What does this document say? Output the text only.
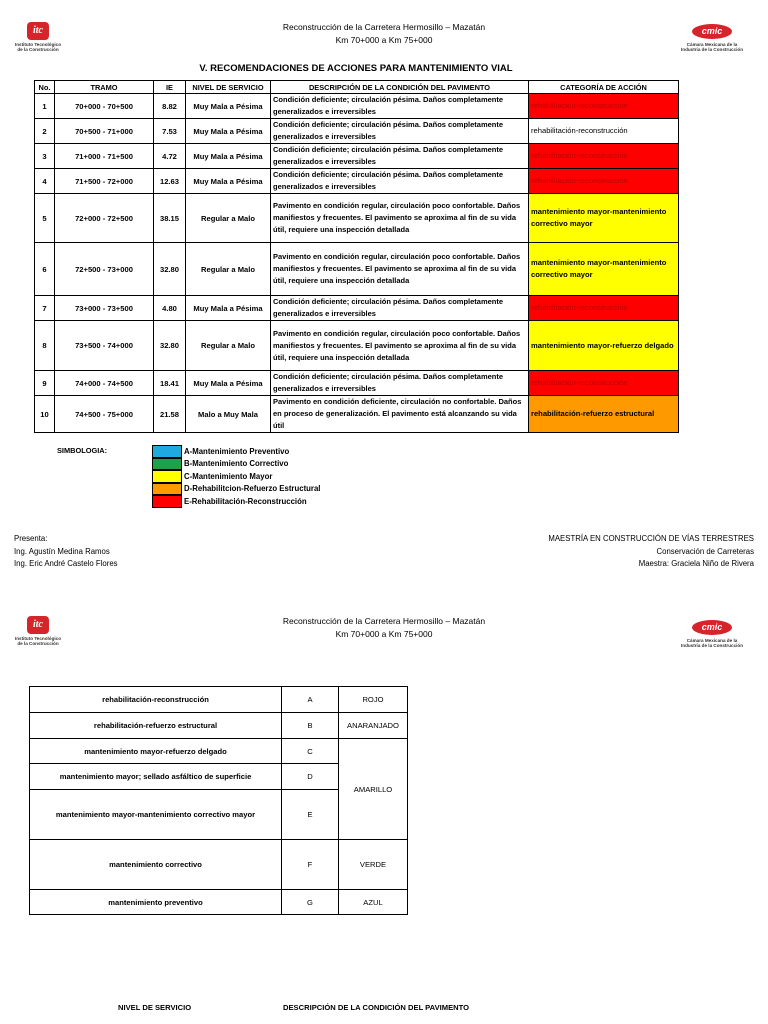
itc
Instituto Tecnológico
de la Construcción
Reconstrucción de la Carretera Hermosillo – Mazatán
Km 70+000 a Km 75+000
cmic
Cámara Mexicana de la
Industria de la Construcción
V. RECOMENDACIONES DE ACCIONES PARA MANTENIMIENTO VIAL
No.	TRAMO	IE	NIVEL DE SERVICIO	DESCRIPCIÓN DE LA CONDICIÓN DEL PAVIMENTO	CATEGORÍA DE ACCIÓN
1	70+000 - 70+500	8.82	Muy Mala a Pésima	Condición deficiente; circulación pésima. Daños completamente generalizados e irreversibles	rehabilitación-reconstrucción
2	70+500 - 71+000	7.53	Muy Mala a Pésima	Condición deficiente; circulación pésima. Daños completamente generalizados e irreversibles	rehabilitación-reconstrucción
3	71+000 - 71+500	4.72	Muy Mala a Pésima	Condición deficiente; circulación pésima. Daños completamente generalizados e irreversibles	rehabilitación-reconstrucción
4	71+500 - 72+000	12.63	Muy Mala a Pésima	Condición deficiente; circulación pésima. Daños completamente generalizados e irreversibles	rehabilitación-reconstrucción
5	72+000 - 72+500	38.15	Regular a Malo	Pavimento en condición regular, circulación poco confortable. Daños manifiestos y frecuentes. El pavimento se aproxima al fin de su vida útil, requiere una inspección detallada	mantenimiento mayor-mantenimiento correctivo mayor
6	72+500 - 73+000	32.80	Regular a Malo	Pavimento en condición regular, circulación poco confortable. Daños manifiestos y frecuentes. El pavimento se aproxima al fin de su vida útil, requiere una inspección detallada	mantenimiento mayor-mantenimiento correctivo mayor
7	73+000 - 73+500	4.80	Muy Mala a Pésima	Condición deficiente; circulación pésima. Daños completamente generalizados e irreversibles	rehabilitación-reconstrucción
8	73+500 - 74+000	32.80	Regular a Malo	Pavimento en condición regular, circulación poco confortable. Daños manifiestos y frecuentes. El pavimento se aproxima al fin de su vida útil, requiere una inspección detallada	mantenimiento mayor-refuerzo delgado
9	74+000 - 74+500	18.41	Muy Mala a Pésima	Condición deficiente; circulación pésima. Daños completamente generalizados e irreversibles	rehabilitación-reconstrucción
10	74+500 - 75+000	21.58	Malo a Muy Mala	Pavimento en condición deficiente, circulación no confortable. Daños en proceso de generalización. El pavimento está alcanzando su vida útil	rehabilitación-refuerzo estructural
SIMBOLOGIA:	A-Mantenimiento Preventivo
B-Mantenimiento Correctivo
C-Mantenimiento Mayor
D-Rehabilitcion-Refuerzo Estructural
E-Rehabilitación-Reconstrucción
Presenta:
Ing. Agustín Medina Ramos
Ing. Eric André Castelo Flores
MAESTRÍA EN CONSTRUCCIÓN DE VÍAS TERRESTRES
Conservación de Carreteras
Maestra: Graciela Niño de Rivera
itc
Instituto Tecnológico
de la Construcción
Reconstrucción de la Carretera Hermosillo – Mazatán
Km 70+000 a Km 75+000
cmic
Cámara Mexicana de la
Industria de la Construcción
rehabilitación-reconstrucción	A	ROJO
rehabilitación-refuerzo estructural	B	ANARANJADO
mantenimiento mayor-refuerzo delgado	C	AMARILLO
mantenimiento mayor; sellado asfáltico de superficie	D	
mantenimiento mayor-mantenimiento correctivo mayor	E	
mantenimiento correctivo	F	VERDE
mantenimiento preventivo	G	AZUL
NIVEL DE SERVICIO	DESCRIPCIÓN DE LA CONDICIÓN DEL PAVIMENTO
